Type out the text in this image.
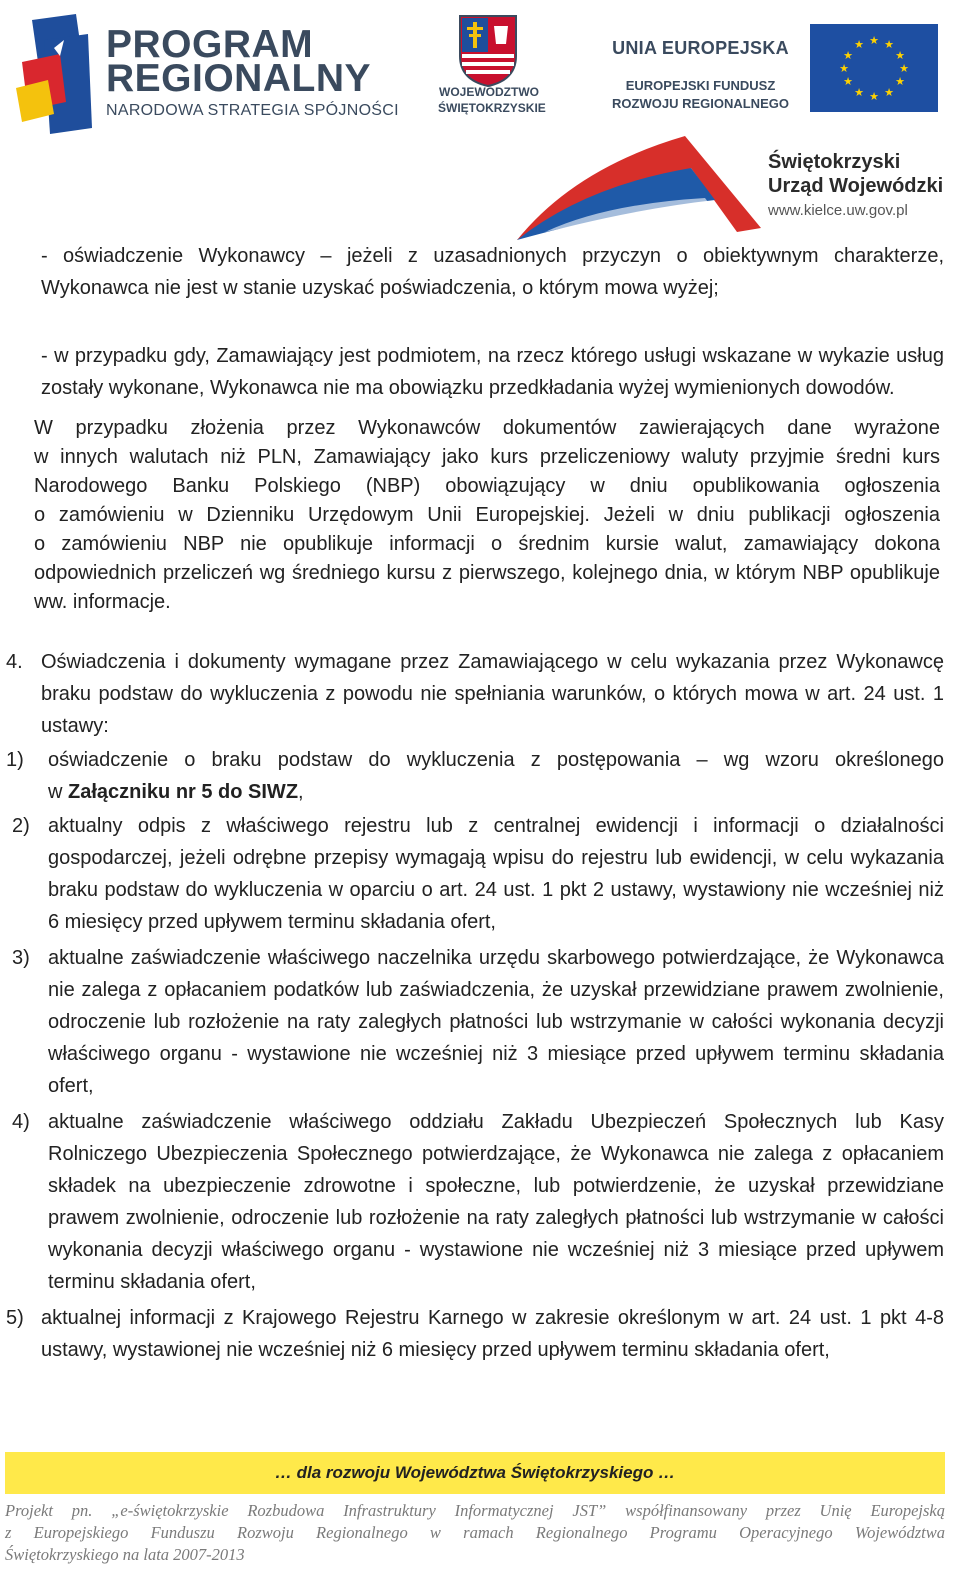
PROGRAM
REGIONALNY
NARODOWA STRATEGIA SPÓJNOŚCI
WOJEWÓDZTWO
ŚWIĘTOKRZYSKIE
UNIA EUROPEJSKA
EUROPEJSKI FUNDUSZ
ROZWOJU REGIONALNEGO
★ ★
★
★
★
★
★
★
★
★
★
★
Świętokrzyski
Urząd Wojewódzki
www.kielce.uw.gov.pl
- oświadczenie Wykonawcy – jeżeli z uzasadnionych przyczyn o obiektywnym charakterze,
Wykonawca nie jest w stanie uzyskać poświadczenia, o którym mowa wyżej;
- w przypadku gdy, Zamawiający jest podmiotem, na rzecz którego usługi wskazane w wykazie usług
zostały wykonane, Wykonawca nie ma obowiązku przedkładania wyżej wymienionych dowodów.
W przypadku złożenia przez Wykonawców dokumentów zawierających dane wyrażone
w innych walutach niż PLN, Zamawiający jako kurs przeliczeniowy waluty przyjmie średni kurs
Narodowego Banku Polskiego (NBP) obowiązujący w dniu opublikowania ogłoszenia
o zamówieniu w Dzienniku Urzędowym Unii Europejskiej. Jeżeli w dniu publikacji ogłoszenia
o zamówieniu NBP nie opublikuje informacji o średnim kursie walut, zamawiający dokona
odpowiednich przeliczeń wg średniego kursu z pierwszego, kolejnego dnia, w którym NBP opublikuje
ww. informacje.
4. Oświadczenia i dokumenty wymagane przez Zamawiającego w celu wykazania przez Wykonawcę
braku podstaw do wykluczenia z powodu nie spełniania warunków, o których mowa w art. 24 ust. 1
ustawy:
1) oświadczenie o braku podstaw do wykluczenia z postępowania – wg wzoru określonego
w Załączniku nr 5 do SIWZ,
2) aktualny odpis z właściwego rejestru lub z centralnej ewidencji i informacji o działalności
gospodarczej, jeżeli odrębne przepisy wymagają wpisu do rejestru lub ewidencji, w celu wykazania
braku podstaw do wykluczenia w oparciu o art. 24 ust. 1 pkt 2 ustawy, wystawiony nie wcześniej niż
6 miesięcy przed upływem terminu składania ofert,
3) aktualne zaświadczenie właściwego naczelnika urzędu skarbowego potwierdzające, że Wykonawca
nie zalega z opłacaniem podatków lub zaświadczenia, że uzyskał przewidziane prawem zwolnienie,
odroczenie lub rozłożenie na raty zaległych płatności lub wstrzymanie w całości wykonania decyzji
właściwego organu - wystawione nie wcześniej niż 3 miesiące przed upływem terminu składania
ofert,
4) aktualne zaświadczenie właściwego oddziału Zakładu Ubezpieczeń Społecznych lub Kasy
Rolniczego Ubezpieczenia Społecznego potwierdzające, że Wykonawca nie zalega z opłacaniem
składek na ubezpieczenie zdrowotne i społeczne, lub potwierdzenie, że uzyskał przewidziane
prawem zwolnienie, odroczenie lub rozłożenie na raty zaległych płatności lub wstrzymanie w całości
wykonania decyzji właściwego organu - wystawione nie wcześniej niż 3 miesiące przed upływem
terminu składania ofert,
5) aktualnej informacji z Krajowego Rejestru Karnego w zakresie określonym w art. 24 ust. 1 pkt 4-8
ustawy, wystawionej nie wcześniej niż 6 miesięcy przed upływem terminu składania ofert,
… dla rozwoju Województwa Świętokrzyskiego …
Projekt pn. „e-świętokrzyskie Rozbudowa Infrastruktury Informatycznej JST” współfinansowany przez Unię Europejską
z Europejskiego Funduszu Rozwoju Regionalnego w ramach Regionalnego Programu Operacyjnego Województwa
Świętokrzyskiego na lata 2007-2013
